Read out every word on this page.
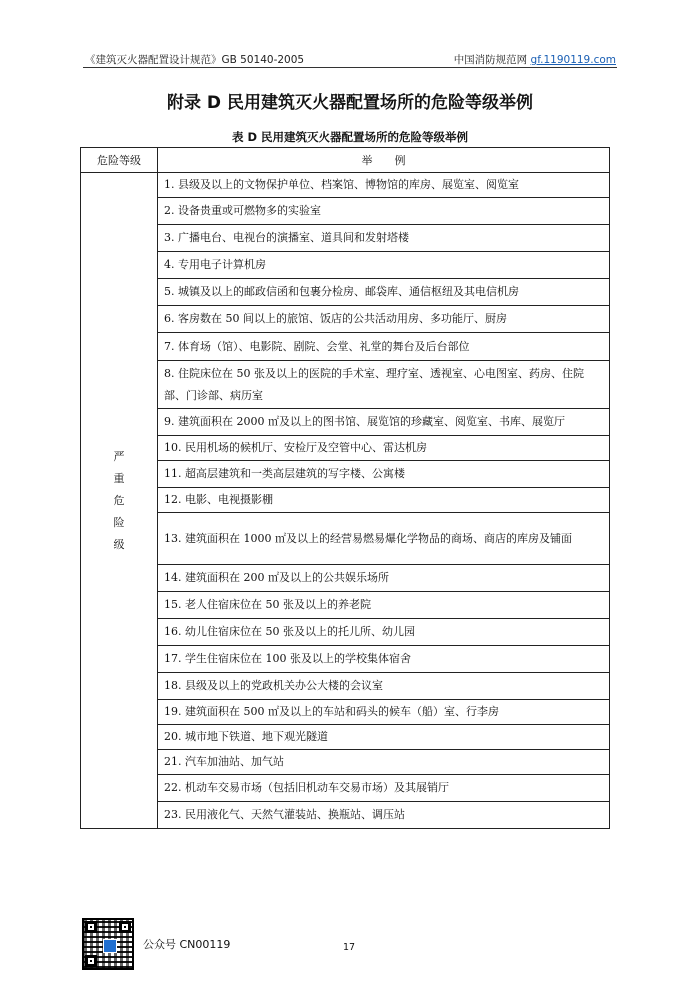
《建筑灭火器配置设计规范》GB 50140-2005	中国消防规范网 gf.1190119.com
附录 D 民用建筑灭火器配置场所的危险等级举例
表 D 民用建筑灭火器配置场所的危险等级举例
危险等级	举　　例
严重危险级	1. 县级及以上的文物保护单位、档案馆、博物馆的库房、展览室、阅览室
	2. 设备贵重或可燃物多的实验室
	3. 广播电台、电视台的演播室、道具间和发射塔楼
	4. 专用电子计算机房
	5. 城镇及以上的邮政信函和包裹分检房、邮袋库、通信枢纽及其电信机房
	6. 客房数在 50 间以上的旅馆、饭店的公共活动用房、多功能厅、厨房
	7. 体育场（馆）、电影院、剧院、会堂、礼堂的舞台及后台部位
	8. 住院床位在 50 张及以上的医院的手术室、理疗室、透视室、心电图室、药房、住院部、门诊部、病历室
	9. 建筑面积在 2000 ㎡及以上的图书馆、展览馆的珍藏室、阅览室、书库、展览厅
	10. 民用机场的候机厅、安检厅及空管中心、雷达机房
	11. 超高层建筑和一类高层建筑的写字楼、公寓楼
	12. 电影、电视摄影棚
	13. 建筑面积在 1000 ㎡及以上的经营易燃易爆化学物品的商场、商店的库房及铺面
	14. 建筑面积在 200 ㎡及以上的公共娱乐场所
	15. 老人住宿床位在 50 张及以上的养老院
	16. 幼儿住宿床位在 50 张及以上的托儿所、幼儿园
	17. 学生住宿床位在 100 张及以上的学校集体宿舍
	18. 县级及以上的党政机关办公大楼的会议室
	19. 建筑面积在 500 ㎡及以上的车站和码头的候车（船）室、行李房
	20. 城市地下铁道、地下观光隧道
	21. 汽车加油站、加气站
	22. 机动车交易市场（包括旧机动车交易市场）及其展销厅
	23. 民用液化气、天然气灌装站、换瓶站、调压站
公众号 CN00119	17
